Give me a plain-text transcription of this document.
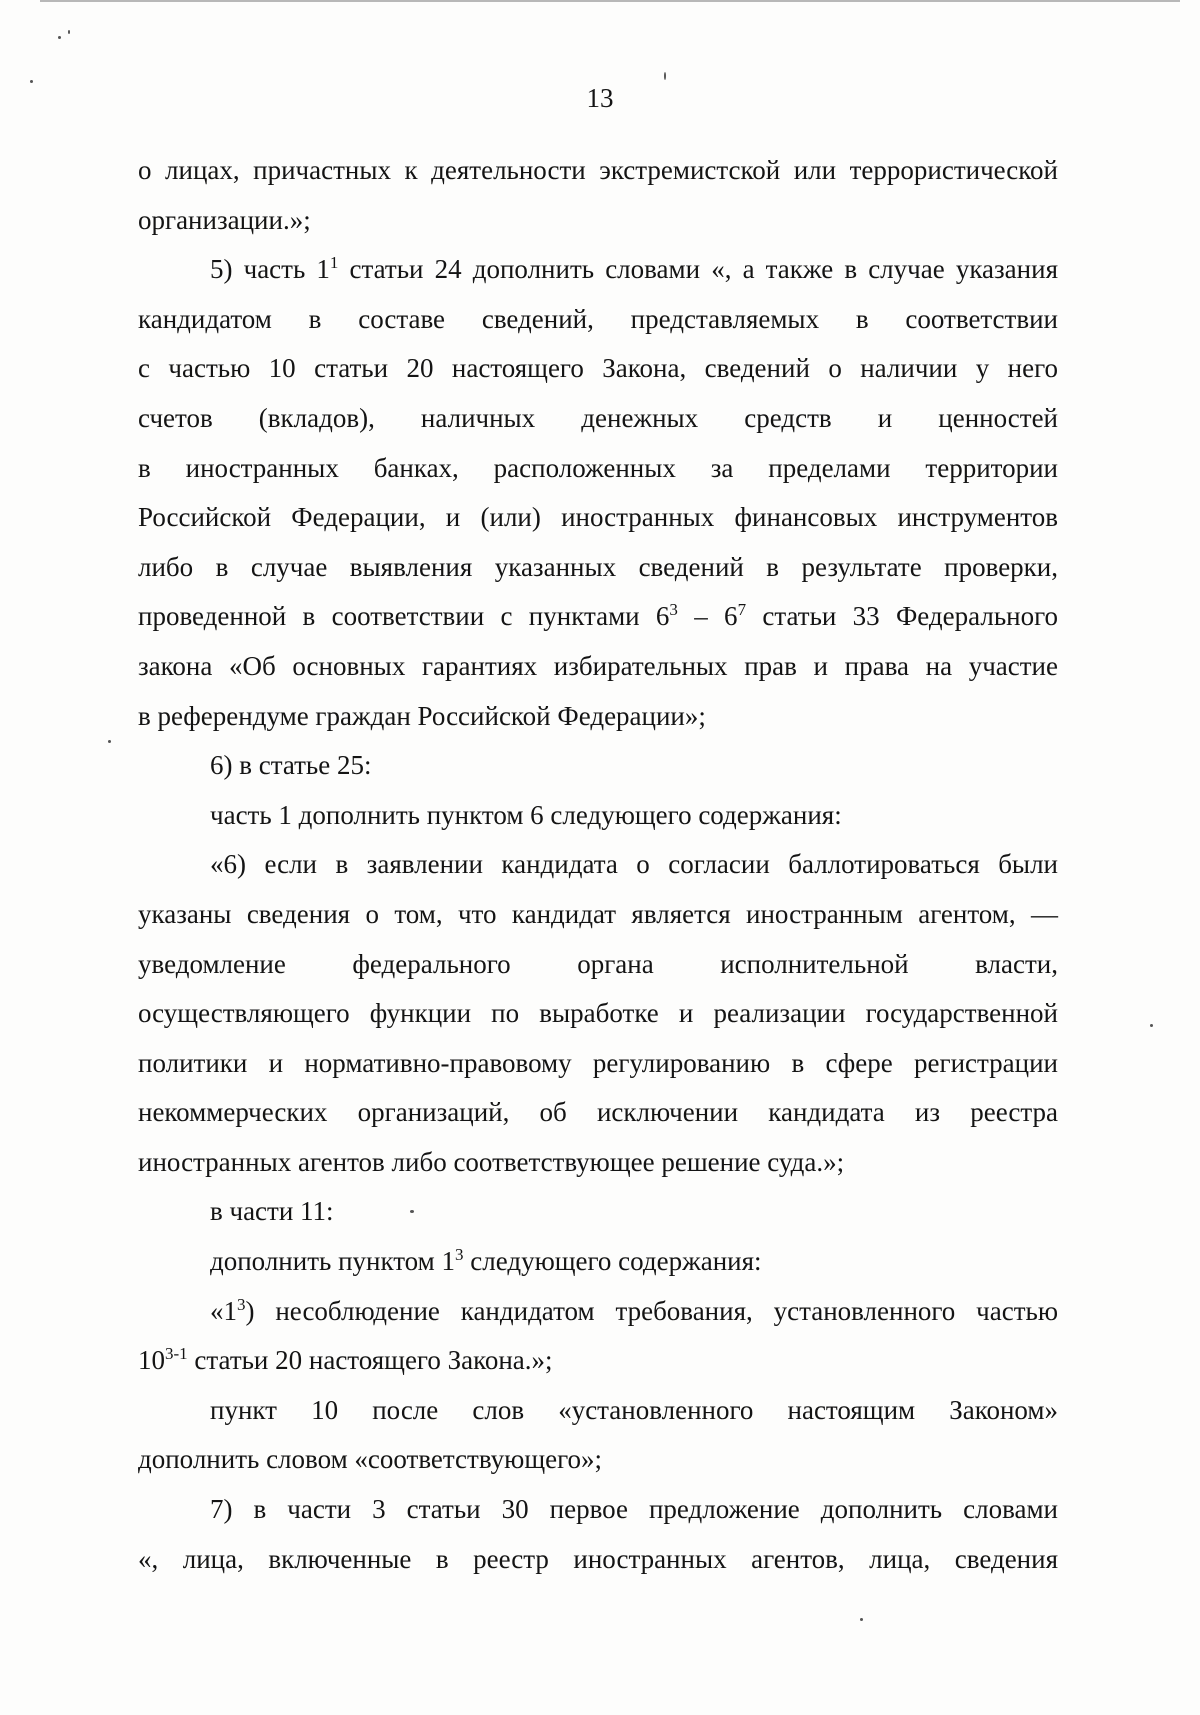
13
о лицах, причастных к деятельности экстремистской или террористической
организации.»;
5) часть $1^1$ статьи 24 дополнить словами «, а также в случае указания
кандидатом в составе сведений, представляемых в соответствии
с частью 10 статьи 20 настоящего Закона, сведений о наличии у него
счетов (вкладов), наличных денежных средств и ценностей
в иностранных банках, расположенных за пределами территории
Российской Федерации, и (или) иностранных финансовых инструментов
либо в случае выявления указанных сведений в результате проверки,
проведенной в соответствии с пунктами $6^3 - 6^7$ статьи 33 Федерального
закона «Об основных гарантиях избирательных прав и права на участие
в референдуме граждан Российской Федерации»;
6) в статье 25:
часть 1 дополнить пунктом 6 следующего содержания:
«6) если в заявлении кандидата о согласии баллотироваться были
указаны сведения о том, что кандидат является иностранным агентом, —
уведомление федерального органа исполнительной власти,
осуществляющего функции по выработке и реализации государственной
политики и нормативно-правовому регулированию в сфере регистрации
некоммерческих организаций, об исключении кандидата из реестра
иностранных агентов либо соответствующее решение суда.»;
в части 11:
дополнить пунктом $1^3$ следующего содержания:
«$1^3$) несоблюдение кандидатом требования, установленного частью
10$^{3-1}$ статьи 20 настоящего Закона.»;
пункт 10 после слов «установленного настоящим Законом»
дополнить словом «соответствующего»;
7) в части 3 статьи 30 первое предложение дополнить словами
«, лица, включенные в реестр иностранных агентов, лица, сведения
